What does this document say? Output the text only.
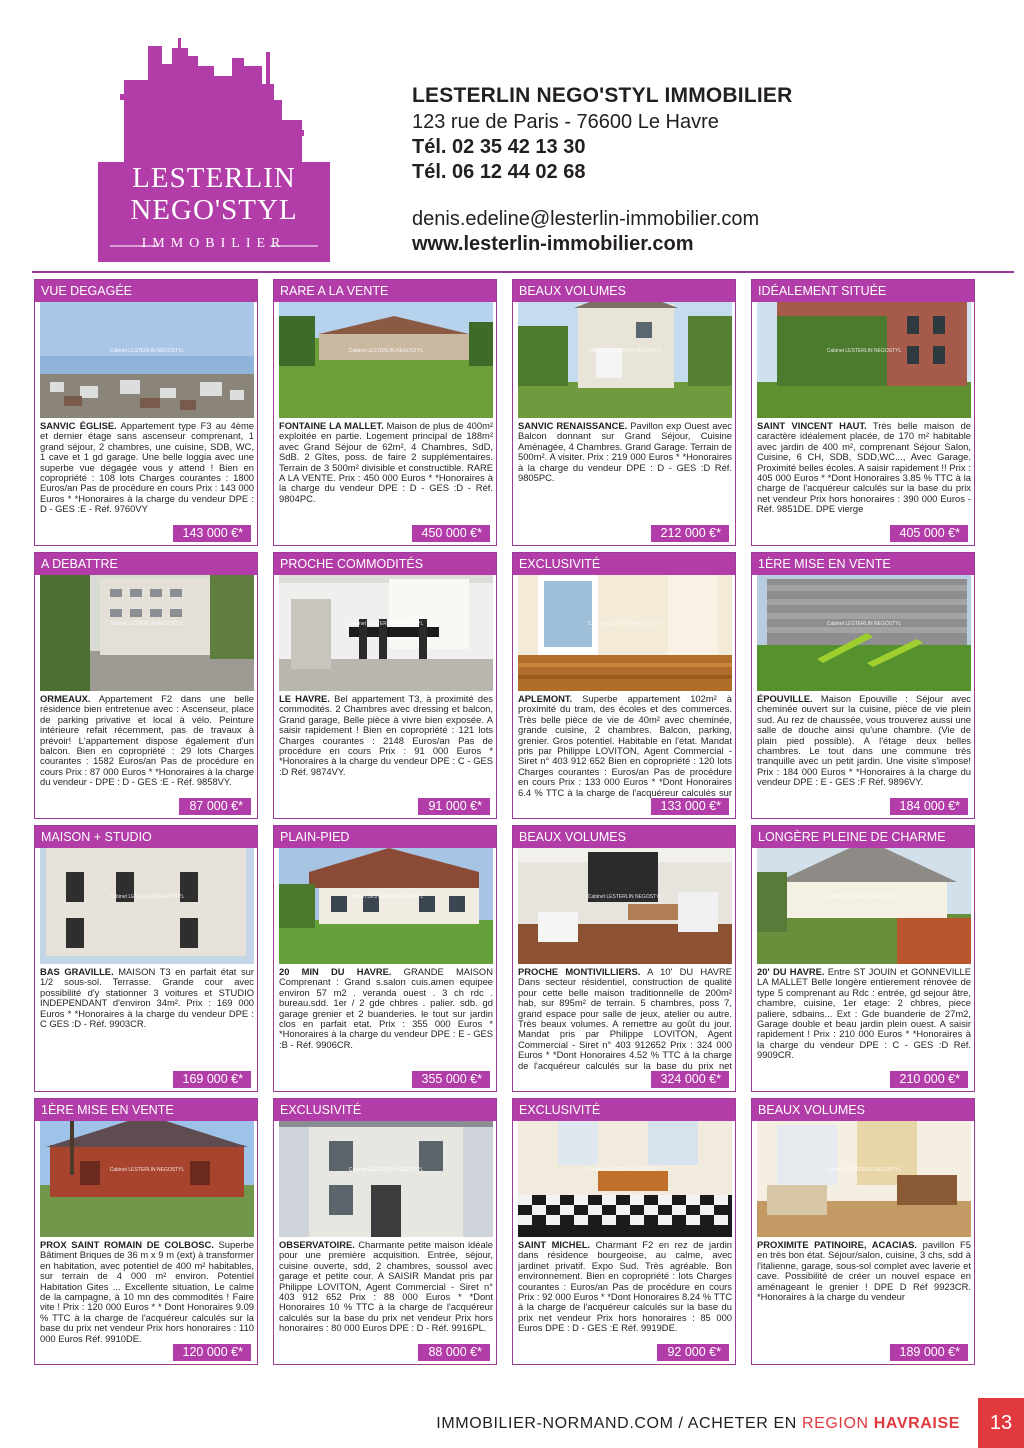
LESTERLIN
NEGO'STYL
IMMOBILIER
LESTERLIN NEGO'STYL IMMOBILIER
123 rue de Paris - 76600 Le Havre
Tél. 02 35 42 13 30
Tél. 06 12 44 02 68
denis.edeline@lesterlin-immobilier.com
www.lesterlin-immobilier.com
Cabinet LESTERLIN NEGOSTYL
VUE DEGAGÉE
SANVIC ÉGLISE. Appartement type F3 au 4ème et dernier étage sans ascenseur comprenant, 1 grand séjour, 2 chambres, une cuisine, SDB, WC, 1 cave et 1 gd garage. Une belle loggia avec une superbe vue dégagée vous y attend ! Bien en copropriété : 108 lots Charges courantes : 1800 Euros/an Pas de procédure en cours Prix : 143 000 Euros * *Honoraires à la charge du vendeur DPE : D - GES :E - Réf. 9760VY
143 000 €*
Cabinet LESTERLIN NEGOSTYL
RARE A LA VENTE
FONTAINE LA MALLET. Maison de plus de 400m² exploitée en partie. Logement principal de 188m² avec Grand Séjour de 62m², 4 Chambres, SdD, SdB. 2 Gîtes, poss. de faire 2 supplémentaires. Terrain de 3 500m² divisible et constructible. RARE A LA VENTE. Prix : 450 000 Euros * *Honoraires à la charge du vendeur DPE : D - GES :D - Réf. 9804PC.
450 000 €*
Cabinet LESTERLIN NEGOSTYL
BEAUX VOLUMES
SANVIC RENAISSANCE. Pavillon exp Ouest avec Balcon donnant sur Grand Séjour, Cuisine Aménagée, 4 Chambres. Grand Garage. Terrain de 500m². A visiter. Prix : 219 000 Euros * *Honoraires à la charge du vendeur DPE : D - GES :D Réf. 9805PC.
212 000 €*
Cabinet LESTERLIN NEGOSTYL
IDÉALEMENT SITUÉE
SAINT VINCENT HAUT. Très belle maison de caractère idéalement placée, de 170 m² habitable avec jardin de 400 m², comprenant Séjour Salon, Cuisine, 6 CH, SDB, SDD,WC..., Avec Garage. Proximité belles écoles. A saisir rapidement !! Prix : 405 000 Euros * *Dont Honoraires 3.85 % TTC à la charge de l'acquéreur calculés sur la base du prix net vendeur Prix hors honoraires : 390 000 Euros - Réf. 9851DE. DPE vierge
405 000 €*
Cabinet LESTERLIN NEGOSTYL
A DEBATTRE
ORMEAUX. Appartement F2 dans une belle résidence bien entretenue avec : Ascenseur, place de parking privative et local à vélo. Peinture intérieure refait récemment, pas de travaux à prévoir! L'appartement dispose également d'un balcon. Bien en copropriété : 29 lots Charges courantes : 1582 Euros/an Pas de procédure en cours Prix : 87 000 Euros * *Honoraires à la charge du vendeur - DPE : D - GES :E - Réf. 9858VY.
87 000 €*
Cabinet LESTERLIN NEGOSTYL
PROCHE COMMODITÉS
LE HAVRE. Bel appartement T3, à proximité des commodités. 2 Chambres avec dressing et balcon, Grand garage, Belle pièce à vivre bien exposée. A saisir rapidement ! Bien en copropriété : 121 lots Charges courantes : 2148 Euros/an Pas de procédure en cours Prix : 91 000 Euros * *Honoraires à la charge du vendeur DPE : C - GES :D Réf. 9874VY.
91 000 €*
Cabinet LESTERLIN NEGOSTYL
EXCLUSIVITÉ
APLEMONT. Superbe appartement 102m² à proximité du tram, des écoles et des commerces. Très belle pièce de vie de 40m² avec cheminée, grande cuisine, 2 chambres. Balcon, parking, grenier. Gros potentiel. Habitable en l'état. Mandat pris par Philippe LOVITON, Agent Commercial - Siret n° 403 912 652 Bien en copropriété : 120 lots Charges courantes : Euros/an Pas de procédure en cours Prix : 133 000 Euros * *Dont Honoraires 6.4 % TTC à la charge de l'acquéreur calculés sur
133 000 €*
Cabinet LESTERLIN NEGOSTYL
1ÈRE MISE EN VENTE
ÉPOUVILLE. Maison Epouville : Séjour avec cheminée ouvert sur la cuisine, pièce de vie plein sud. Au rez de chaussée, vous trouverez aussi une salle de douche ainsi qu'une chambre. (Vie de plain pied possible). A l'étage deux belles chambres. Le tout dans une commune très tranquille avec un petit jardin. Une visite s'impose! Prix : 184 000 Euros * *Honoraires à la charge du vendeur DPE : E - GES :F Réf. 9896VY.
184 000 €*
Cabinet LESTERLIN NEGOSTYL
MAISON + STUDIO
BAS GRAVILLE. MAISON T3 en parfait état sur 1/2 sous-sol. Terrasse. Grande cour avec possibilité d'y stationner 3 voitures et STUDIO INDEPENDANT d'environ 34m². Prix : 169 000 Euros * *Honoraires à la charge du vendeur DPE : C GES :D - Réf. 9903CR.
169 000 €*
Cabinet LESTERLIN NEGOSTYL
PLAIN-PIED
20 MIN DU HAVRE. GRANDE MAISON Comprenant : Grand s.salon cuis.amen equipee environ 57 m2 . veranda ouest . 3 ch rdc . bureau.sdd. 1er / 2 gde chbres . palier. sdb. gd garage grenier et 2 buanderies. le tout sur jardin clos en parfait etat. Prix : 355 000 Euros * *Honoraires à la charge du vendeur DPE : E - GES :B - Réf. 9906CR.
355 000 €*
Cabinet LESTERLIN NEGOSTYL
BEAUX VOLUMES
PROCHE MONTIVILLIERS. A 10' DU HAVRE Dans secteur résidentiel, construction de qualité pour cette belle maison traditionnelle de 200m² hab, sur 895m² de terrain. 5 chambres, poss 7, grand espace pour salle de jeux, atelier ou autre. Très beaux volumes. A remettre au goût du jour. Mandat pris par Philippe LOVITON, Agent Commercial - Siret n° 403 912652 Prix : 324 000 Euros * *Dont Honoraires 4.52 % TTC à la charge de l'acquéreur calculés sur la base du prix net
324 000 €*
Cabinet LESTERLIN NEGOSTYL
LONGÈRE PLEINE DE CHARME
20' DU HAVRE. Entre ST JOUIN et GONNEVILLE LA MALLET Belle longère entierement rénovée de type 5 comprenant au Rdc : entrée, gd sejour âtre, chambre, cuisine, 1er etage: 2 chbres, piece paliere, sdbains... Ext : Gde buanderie de 27m2, Garage double et beau jardin plein ouest. A saisir rapidement ! Prix : 210 000 Euros * *Honoraires à la charge du vendeur DPE : C - GES :D Réf. 9909CR.
210 000 €*
Cabinet LESTERLIN NEGOSTYL
1ÈRE MISE EN VENTE
PROX SAINT ROMAIN DE COLBOSC. Superbe Bâtiment Briques de 36 m x 9 m (ext) à transformer en habitation, avec potentiel de 400 m² habitables, sur terrain de 4 000 m² environ. Potentiel Habitation Gites ... Excellente situation, Le calme de la campagne, à 10 mn des commodités ! Faire vite ! Prix : 120 000 Euros * * Dont Honoraires 9.09 % TTC à la charge de l'acquéreur calculés sur la base du prix net vendeur Prix hors honoraires : 110 000 Euros Réf. 9910DE.
120 000 €*
Cabinet LESTERLIN NEGOSTYL
EXCLUSIVITÉ
OBSERVATOIRE. Charmante petite maison idéale pour une première acquisition. Entrée, séjour, cuisine ouverte, sdd, 2 chambres, soussol avec garage et petite cour. A SAISIR Mandat pris par Philippe LOVITON, Agent Commercial - Siret n° 403 912 652 Prix : 88 000 Euros * *Dont Honoraires 10 % TTC à la charge de l'acquéreur calculés sur la base du prix net vendeur Prix hors honoraires : 80 000 Euros DPE : D - Réf. 9916PL.
88 000 €*
Cabinet LESTERLIN NEGOSTYL
EXCLUSIVITÉ
SAINT MICHEL. Charmant F2 en rez de jardin dans résidence bourgeoise, au calme, avec jardinet privatif. Expo Sud. Très agréable. Bon environnement. Bien en copropriété : lots Charges courantes : Euros/an Pas de procédure en cours Prix : 92 000 Euros * *Dont Honoraires 8.24 % TTC à la charge de l'acquéreur calculés sur la base du prix net vendeur Prix hors honoraires : 85 000 Euros DPE : D - GES :E Réf. 9919DE.
92 000 €*
Cabinet LESTERLIN NEGOSTYL
BEAUX VOLUMES
PROXIMITE PATINOIRE, ACACIAS. pavillon F5 en très bon état. Séjour/salon, cuisine, 3 chs, sdd à l'italienne, garage, sous-sol complet avec laverie et cave. Possibilité de créer un nouvel espace en aménageant le grenier ! DPE D Réf 9923CR. *Honoraires à la charge du vendeur
189 000 €*
IMMOBILIER-NORMAND.COM / ACHETER EN REGION HAVRAISE	13
